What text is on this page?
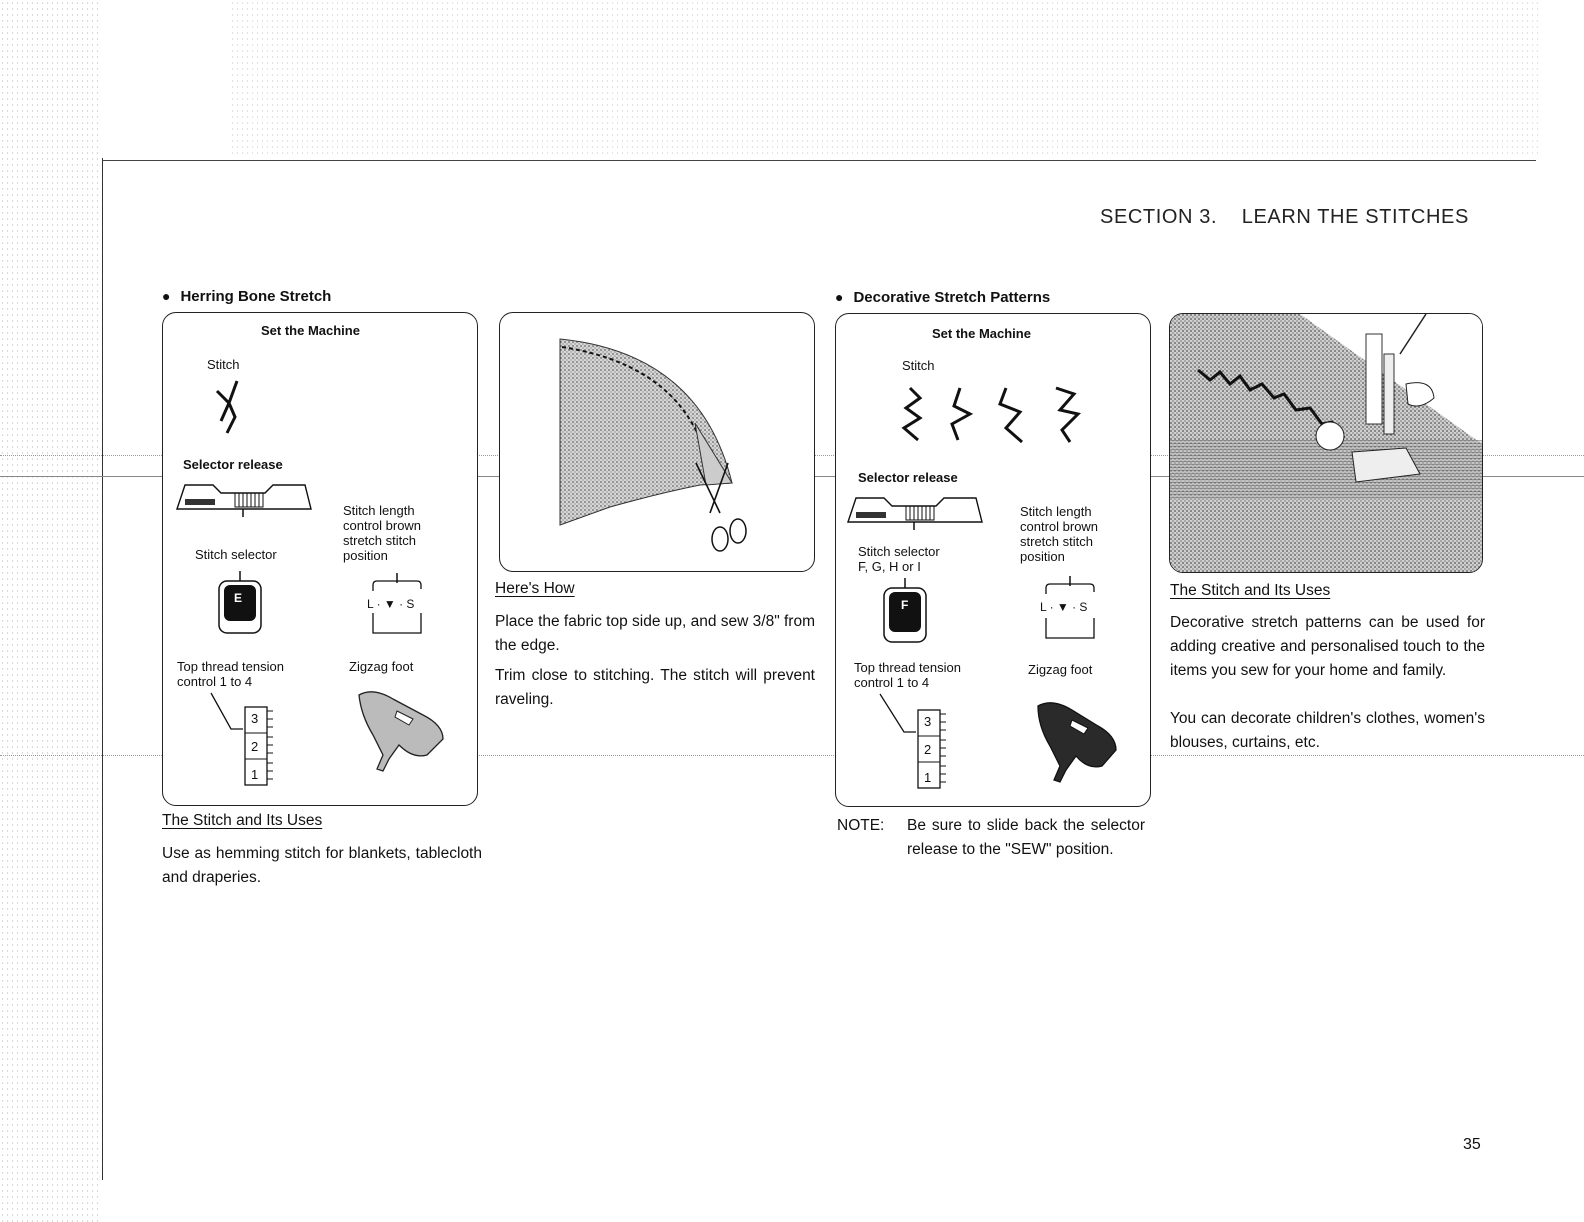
SECTION 3.    LEARN THE STITCHES
● Herring Bone Stretch
Set the Machine
Stitch
Selector release
Stitch length
control brown
stretch stitch
position
Stitch selector
E	L · ▼ · S
Top thread tension
control 1 to 4
Zigzag foot
3
2
1
The Stitch and Its Uses
Use as hemming stitch for blankets, tablecloth and draperies.
Here's How
Place the fabric top side up, and sew 3/8" from the edge.
Trim close to stitching. The stitch will prevent raveling.
● Decorative Stretch Patterns
Set the Machine
Stitch
Selector release
Stitch length
control brown
stretch stitch
position
Stitch selector
F, G, H or I
F	L · ▼ · S
Top thread tension
control 1 to 4
Zigzag foot
3
2
1
NOTE: Be sure to slide back the selector release to the "SEW" position.
The Stitch and Its Uses
Decorative stretch patterns can be used for adding creative and personalised touch to the items you sew for your home and family.
You can decorate children's clothes, women's blouses, curtains, etc.
35
